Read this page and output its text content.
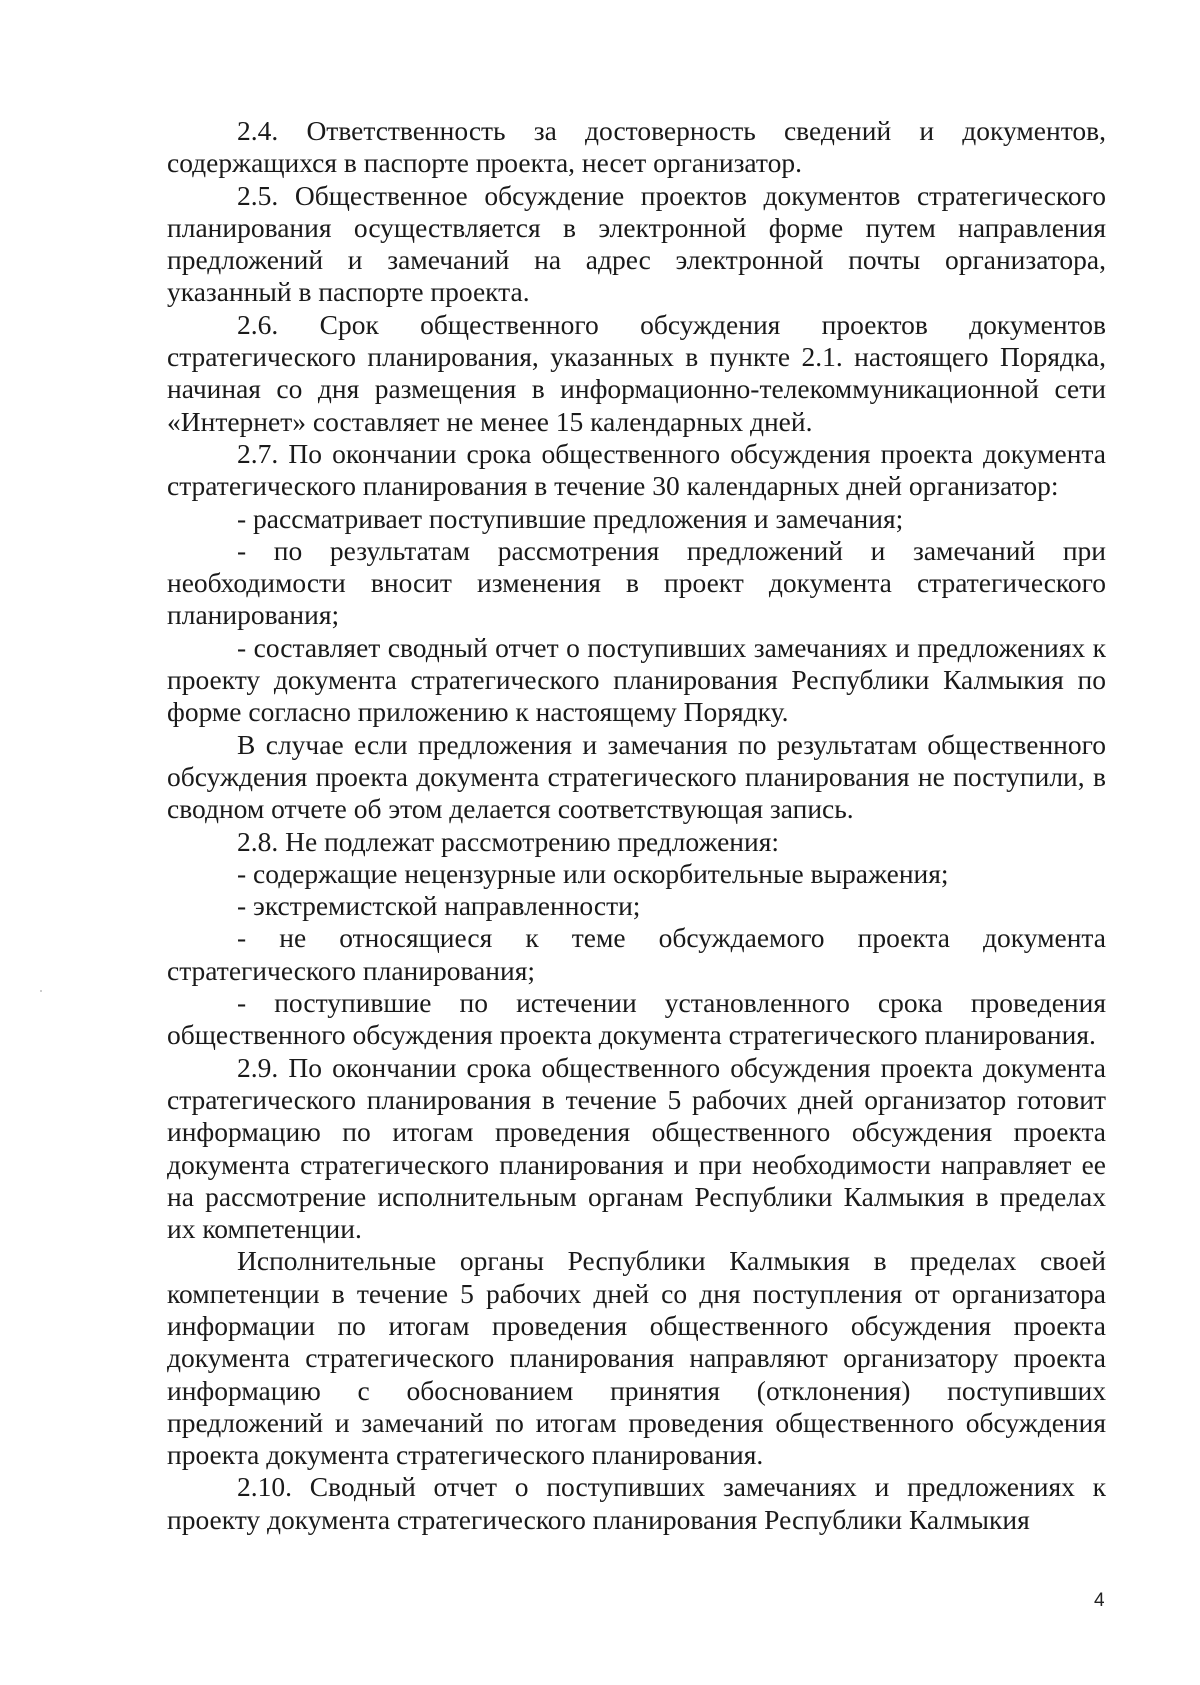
2.4. Ответственность за достоверность сведений и документов, содержащихся в паспорте проекта, несет организатор.

2.5. Общественное обсуждение проектов документов стратегического планирования осуществляется в электронной форме путем направления предложений и замечаний на адрес электронной почты организатора, указанный в паспорте проекта.

2.6. Срок общественного обсуждения проектов документов стратегического планирования, указанных в пункте 2.1. настоящего Порядка, начиная со дня размещения в информационно-телекоммуникационной сети «Интернет» составляет не менее 15 календарных дней.

2.7. По окончании срока общественного обсуждения проекта документа стратегического планирования в течение 30 календарных дней организатор:

- рассматривает поступившие предложения и замечания;

- по результатам рассмотрения предложений и замечаний при необходимости вносит изменения в проект документа стратегического планирования;

- составляет сводный отчет о поступивших замечаниях и предложениях к проекту документа стратегического планирования Республики Калмыкия по форме согласно приложению к настоящему Порядку.

В случае если предложения и замечания по результатам общественного обсуждения проекта документа стратегического планирования не поступили, в сводном отчете об этом делается соответствующая запись.

2.8. Не подлежат рассмотрению предложения:

- содержащие нецензурные или оскорбительные выражения;

- экстремистской направленности;

- не относящиеся к теме обсуждаемого проекта документа стратегического планирования;

- поступившие по истечении установленного срока проведения общественного обсуждения проекта документа стратегического планирования.

2.9. По окончании срока общественного обсуждения проекта документа стратегического планирования в течение 5 рабочих дней организатор готовит информацию по итогам проведения общественного обсуждения проекта документа стратегического планирования и при необходимости направляет ее на рассмотрение исполнительным органам Республики Калмыкия в пределах их компетенции.

Исполнительные органы Республики Калмыкия в пределах своей компетенции в течение 5 рабочих дней со дня поступления от организатора информации по итогам проведения общественного обсуждения проекта документа стратегического планирования направляют организатору проекта информацию с обоснованием принятия (отклонения) поступивших предложений и замечаний по итогам проведения общественного обсуждения проекта документа стратегического планирования.

2.10. Сводный отчет о поступивших замечаниях и предложениях к проекту документа стратегического планирования Республики Калмыкия

4
